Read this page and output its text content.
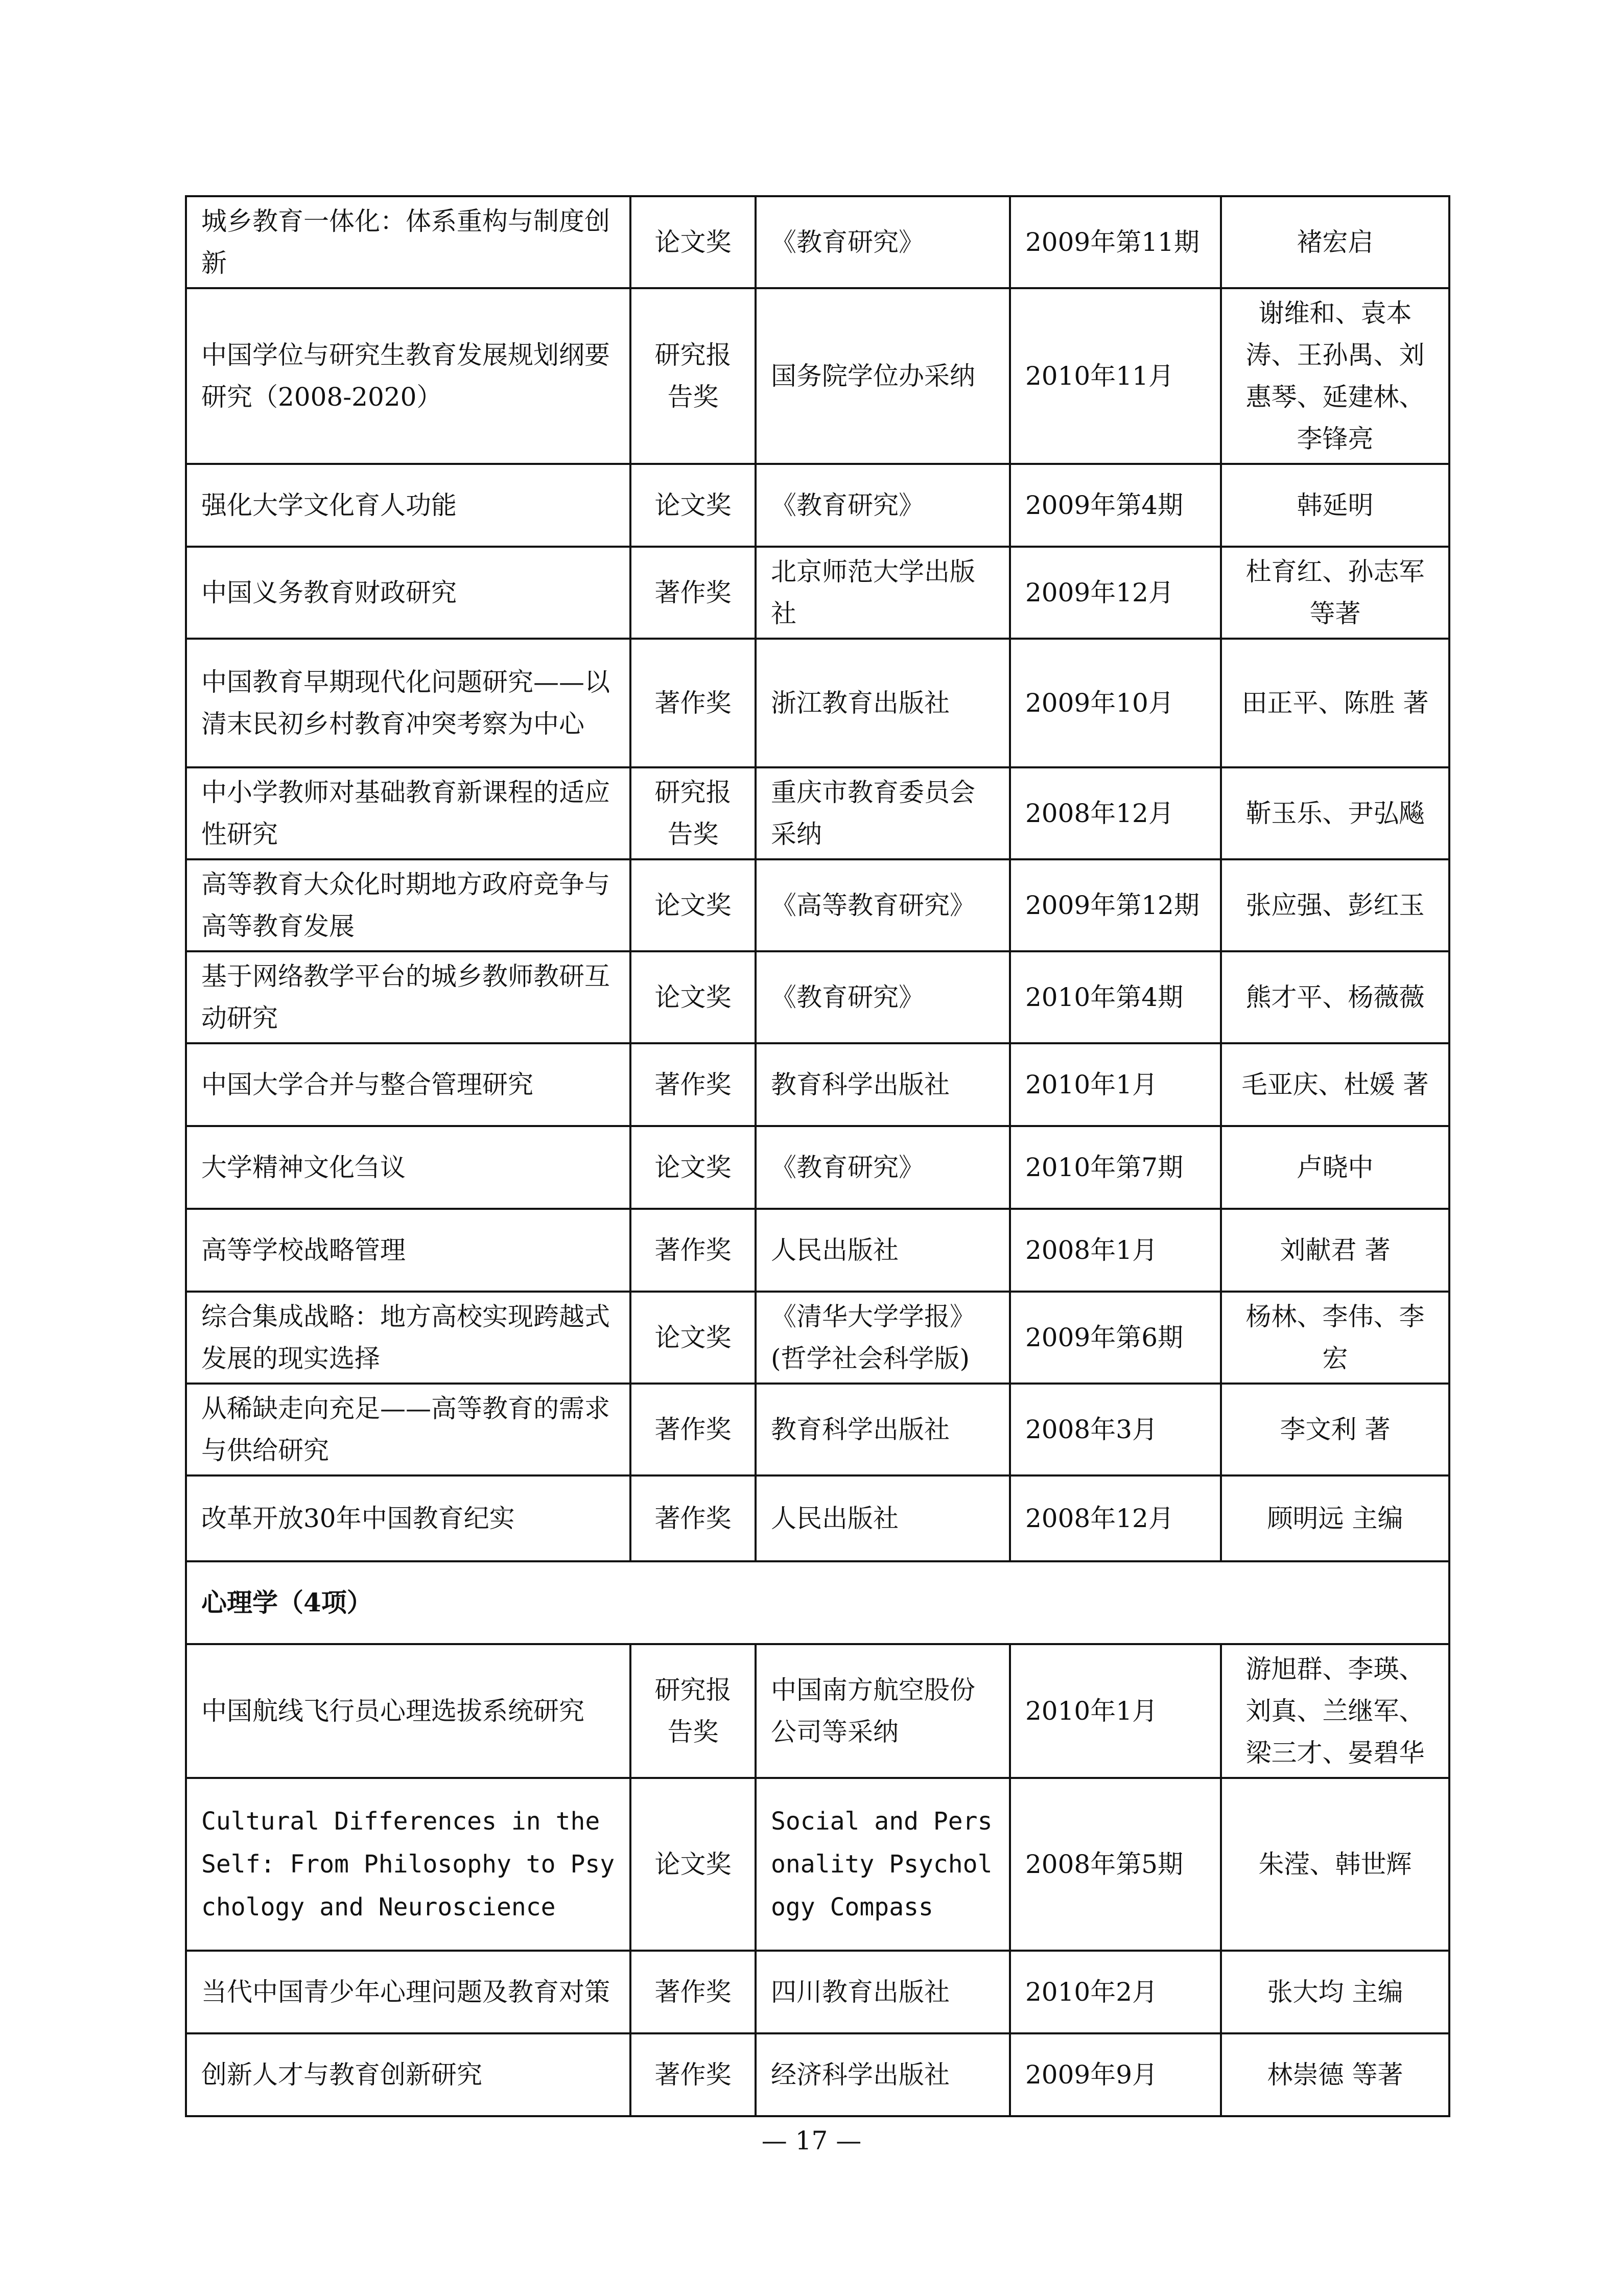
城乡教育一体化：体系重构与制度创新	论文奖	《教育研究》	2009年第11期	褚宏启
中国学位与研究生教育发展规划纲要研究（2008-2020）	研究报告奖	国务院学位办采纳	2010年11月	谢维和、袁本涛、王孙禺、刘惠琴、延建林、李锋亮
强化大学文化育人功能	论文奖	《教育研究》	2009年第4期	韩延明
中国义务教育财政研究	著作奖	北京师范大学出版社	2009年12月	杜育红、孙志军等著
中国教育早期现代化问题研究——以清末民初乡村教育冲突考察为中心	著作奖	浙江教育出版社	2009年10月	田正平、陈胜 著
中小学教师对基础教育新课程的适应性研究	研究报告奖	重庆市教育委员会采纳	2008年12月	靳玉乐、尹弘飚
高等教育大众化时期地方政府竞争与高等教育发展	论文奖	《高等教育研究》	2009年第12期	张应强、彭红玉
基于网络教学平台的城乡教师教研互动研究	论文奖	《教育研究》	2010年第4期	熊才平、杨薇薇
中国大学合并与整合管理研究	著作奖	教育科学出版社	2010年1月	毛亚庆、杜媛 著
大学精神文化刍议	论文奖	《教育研究》	2010年第7期	卢晓中
高等学校战略管理	著作奖	人民出版社	2008年1月	刘献君 著
综合集成战略：地方高校实现跨越式发展的现实选择	论文奖	《清华大学学报》(哲学社会科学版)	2009年第6期	杨林、李伟、李宏
从稀缺走向充足——高等教育的需求与供给研究	著作奖	教育科学出版社	2008年3月	李文利 著
改革开放30年中国教育纪实	著作奖	人民出版社	2008年12月	顾明远 主编
心理学（4项）				
中国航线飞行员心理选拔系统研究	研究报告奖	中国南方航空股份公司等采纳	2010年1月	游旭群、李瑛、刘真、兰继军、梁三才、晏碧华
Cultural Differences in the Self: From Philosophy to Psychology and Neuroscience	论文奖	Social and Personality Psychology Compass	2008年第5期	朱滢、韩世辉
当代中国青少年心理问题及教育对策	著作奖	四川教育出版社	2010年2月	张大均 主编
创新人才与教育创新研究	著作奖	经济科学出版社	2009年9月	林崇德 等著
— 17 —
